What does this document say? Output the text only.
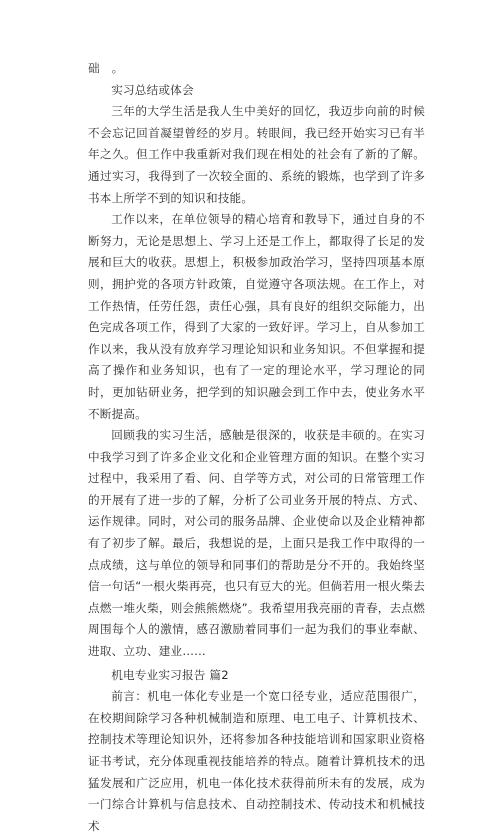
础　。

实习总结或体会

三年的大学生活是我人生中美好的回忆，我迈步向前的时候不会忘记回首凝望曾经的岁月。转眼间，我已经开始实习已有半年之久。但工作中我重新对我们现在相处的社会有了新的了解。通过实习，我得到了一次较全面的、系统的锻炼，也学到了许多书本上所学不到的知识和技能。

工作以来，在单位领导的精心培育和教导下，通过自身的不断努力，无论是思想上、学习上还是工作上，都取得了长足的发展和巨大的收获。思想上，积极参加政治学习，坚持四项基本原则，拥护党的各项方针政策，自觉遵守各项法规。在工作上，对工作热情，任劳任怨，责任心强，具有良好的组织交际能力，出色完成各项工作，得到了大家的一致好评。学习上，自从参加工作以来，我从没有放弃学习理论知识和业务知识。不但掌握和提高了操作和业务知识，也有了一定的理论水平，学习理论的同时，更加钻研业务，把学到的知识融会到工作中去，使业务水平不断提高。

回顾我的实习生活，感触是很深的，收获是丰硕的。在实习中我学习到了许多企业文化和企业管理方面的知识。在整个实习过程中，我采用了看、问、自学等方式，对公司的日常管理工作的开展有了进一步的了解，分析了公司业务开展的特点、方式、运作规律。同时，对公司的服务品牌、企业使命以及企业精神都有了初步了解。最后，我想说的是，上面只是我工作中取得的一点成绩，这与单位的领导和同事们的帮助是分不开的。我始终坚信一句话“一根火柴再亮，也只有豆大的光。但倘若用一根火柴去点燃一堆火柴，则会熊熊燃烧”。我希望用我亮丽的青春，去点燃周围每个人的激情，感召激励着同事们一起为我们的事业奉献、进取、立功、建业……

机电专业实习报告 篇2

前言：机电一体化专业是一个宽口径专业，适应范围很广，在校期间除学习各种机械制造和原理、电工电子、计算机技术、控制技术等理论知识外，还将参加各种技能培训和国家职业资格证书考试，充分体现重视技能培养的特点。随着计算机技术的迅猛发展和广泛应用，机电一体化技术获得前所未有的发展，成为一门综合计算机与信息技术、自动控制技术、传动技术和机械技术
